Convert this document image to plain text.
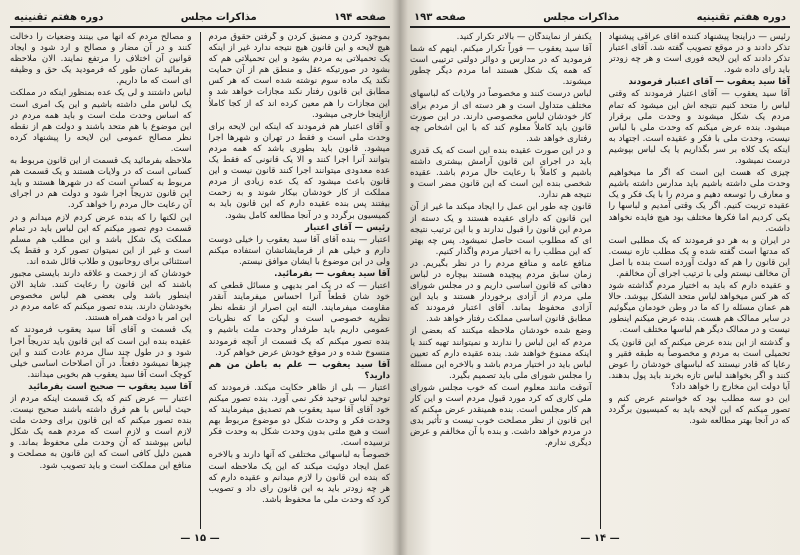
صفحه ۱۹۴
مذاکرات مجلس
دوره هفتم تقنینیه

بموجود کردن و مضیق کردن و گرفتن حقوق مردم هیچ لایحه و این قانون هیچ نتیجه ندارد غیر از اینکه یک تحمیلاتی به مردم بشود و این تحمیلاتی هم که بشود در صورتیکه عقل و منطق هم از آن حمایت نکند یک ماده سوم نوشته شده است که هر کس مطابق این قانون رفتار نکند مجازات خواهد شد و این مجازات را هم معین کرده اند که از کجا کاملاً ازاینجا خارجی میشود.

و آقای اعتبار هم فرمودند که اینکه این لایحه برای وحدت ملی است و فقط در تهران و شهرها اجرا میشود. قانون باید بطوری باشد که همه مردم بتوانند آنرا اجرا کنند و الا یک قانونی که فقط یک عده معدودی میتوانند اجرا کنند قانون نیست و این قانون باعث میشود که یک عده زیادی از مردم مملکت از کار خودشان بیکار شوند و به زحمت بیفتند پس بنده عقیده دارم که این قانون باید به کمیسیون برگردد و در آنجا مطالعه کامل بشود.

رئیس — آقای اعتبار

اعتبار — بنده آقای آقا سید یعقوب را خیلی دوست دارم و خیلی هم از فرمایشاتشان استفاده میکنم ولی در این موضوع با ایشان موافق نیستم.

آقا سید یعقوب — بفرمائید.

اعتبار — که در یک امر بدیهی و مسائل قطعی که خود شان قطعاً آنرا احساس میفرمایند آنقدر مقاومت میفرمایند. البته این اصرار از نقطه نظر نظریه خصوصی است و لیکن ما که نظریات عمومی داریم باید طرفدار وحدت ملت باشیم و بنده تصور میکنم که یک قسمت از آنچه فرمودند منسوخ شده و در موقع خودش عرض خواهم کرد.

آقا سید یعقوب — علم به باطن من هم دارید؟

اعتبار — بلی از ظاهر حکایت میکند. فرمودند که توحید لباس توحید فکر نمی آورد. بنده تصور میکنم خود آقای آقا سید یعقوب هم تصدیق میفرمایند که وحدت فکر و وحدت شکل دو موضوع مربوط بهم است و هیچ ملتی بدون وحدت شکل به وحدت فکر نرسیده است.

خصوصاً به لباسهائی مختلفی که آنها دارند و بالاخره عمل ایجاد دوئیت میکند که این یک ملاحظه است که بنده این قانون را لازم میدانم و عقیده دارم که هر چه زودتر باید به این قانون رای داد و تصویب کرد که وحدت ملی ما محفوظ باشد.

و مصالح مردم که آنها می بینند وضعیات را دخالت کنند و در آن مضار و مصالح و ارد شود و ایجاد قوانین آن اختلاف را مرتفع نمایند. الان ملاحظه بفرمائید عمان طور که فرمودید یک حق و وظیفه ای است که ما داریم.

لباس داشتند و لی یک عده بمنظور اینکه در مملکت یک لباس ملی داشته باشیم و این یک امری است که اساس وحدت ملت است و باید همه مردم در این موضوع با هم متحد باشند و دولت هم از نقطه نظر مصالح عمومی این لایحه را پیشنهاد کرده است.

ملاحظه بفرمائید یک قسمت از این قانون مربوط به کسانی است که در ولایات هستند و یک قسمت هم مربوط به کسانی است که در شهرها هستند و باید این قانون تدریجاً اجرا شود و دولت هم در اجرای آن رعایت حال مردم را خواهد کرد.

این لکنها را که بنده عرض کردم لازم میدانم و در قسمت دوم تصور میکنم که این لباس باید در تمام مملکت یک شکل باشد و این مطلب هم مسلم است و غیر از این نمیتوان تصور کرد و فقط یک استثنائی برای روحانیون و طلاب قائل شده اند.

خودشان که از زحمت و علاقه دارند بایستی مجبور باشند که این قانون را رعایت کنند. شاید الان اینطور باشد ولی بعضی هم لباس مخصوص بخودشان دارند. بنده تصور میکنم که عامه مردم در این امر با دولت همراه هستند.

یک قسمت و آقای آقا سید یعقوب فرمودند که عقیده بنده این است که این قانون باید تدریجاً اجرا شود و در طول چند سال مردم عادت کنند و این چیزها نمیشود دفعتاً. در آن اصلاحات اساسی خیلی کوچک است آقا سید یعقوب هم بخوبی میدانند.

آقا سید یعقوب — صحیح است بفرمائید

اعتبار — عرض کنم که یک قسمت اینکه مردم از حیث لباس با هم فرق داشته باشند صحیح نیست. بنده تصور میکنم که این قانون برای وحدت ملت لازم است و لازم است که مردم همه یک شکل لباس بپوشند که آن وحدت ملی محفوظ بماند. و همین دلیل کافی است که این قانون به مصلحت و منافع این مملکت است و باید تصویب شود.

— ۱۵ —
دوره هفتم تقنینیه
مذاکرات مجلس
صفحه ۱۹۳

رئیس — دراینجا پیشنهاد کننده آقای عراقی پیشنهاد تذکر دادند و در موقع تصویب گفته شد. آقای اعتبار تذکر دادند که این لایحه فوری است و هر چه زودتر باید رای داده شود.

آقا سید یعقوب — آقای اعتبار فرمودند

آقا سید یعقوب — آقای اعتبار فرمودند که وقتی لباس را متحد کنیم نتیجه اش این میشود که تمام مردم یک شکل میشوند و وحدت ملی برقرار میشود. بنده عرض میکنم که وحدت ملی با لباس نیست، وحدت ملی با فکر و عقیده است. اجتهاد به اینکه یک کلاه بر سر بگذاریم یا یک لباس بپوشیم درست نمیشود.

چیزی که هست این است که اگر ما میخواهیم وحدت ملی داشته باشیم باید مدارس داشته باشیم و معارف را توسعه دهیم و مردم را با یک فکر و یک عقیده تربیت کنیم. اگر یک وقتی آمدیم و لباسها را یکی کردیم اما فکرها مختلف بود هیچ فایده نخواهد داشت.

در ایران و به هر دو فرمودند که یک مطلبی است که مدتها است گفته شده و یک مطلب تازه نیست. این قانون را هم که دولت آورده است بنده با اصل آن مخالف نیستم ولی با ترتیب اجرای آن مخالفم.

و عقیده دارم که باید به اختیار مردم گذاشته شود که هر کس میخواهد لباس متحد الشکل بپوشد. حالا هم عمان مسئله را که ما در وطن خودمان میگوئیم در سایر ممالک هم هست. بنده عرض میکنم اینطور نیست و در ممالک دیگر هم لباسها مختلف است.

و گذشته از این بنده عرض میکنم که این قانون یک تحمیلی است به مردم و مخصوصاً به طبقه فقیر و رعایا که قادر نیستند که لباسهای خودشان را عوض کنند و اگر بخواهند لباس تازه بخرند باید پول بدهند. آیا دولت این مخارج را خواهد داد؟

این دو سه مطلب بود که خواستم عرض کنم و تصور میکنم که این لایحه باید به کمیسیون برگردد که در آنجا بهتر مطالعه شود.

یکنفر از نمایندگان — بالاتر تکرار کنید.

آقا سید یعقوب — فوراً تکرار میکنم. اینهم که شما فرمودید که در مدارس و دوائر دولتی ترتیبی است که همه یک شکل هستند اما مردم دیگر چطور میشوند.

لباس درست کنند و مخصوصاً در ولایات که لباسهای مختلف متداول است و هر دسته ای از مردم برای کار خودشان لباس مخصوصی دارند. در این صورت قانون باید کاملاً معلوم کند که با این اشخاص چه رفتاری خواهد شد.

و در این صورت عقیده بنده این است که یک قدری باید در اجرای این قانون آرامش بیشتری داشته باشیم و کاملاً با رعایت حال مردم باشد. عقیده شخصی بنده این است که این قانون مضر است و نتیجه هم ندارد.

قانون چه طور این عمل را ایجاد میکند ما غیر از آن این قانون که دارای عقیده هستند و یک دسته از مردم این قانون را قبول ندارند و با این ترتیب نتیجه ای که مطلوب است حاصل نمیشود. پس چه بهتر که این مطلب را به اختیار مردم واگذار کنیم.

منافع عامه و منافع مردم را در نظر بگیریم. در زمان سابق مردم پیچیده هستند بیچاره در لباس دهاتی که قانون اساسی داریم و در مجلس شورای ملی مردم از آزادی برخوردار هستند و باید این آزادی محفوظ بماند. آقای اعتبار فرمودند که مطابق قانون اساسی مملکت رفتار خواهد شد.

وضع شده خودشان ملاحظه میکنند که بعضی از مردم که این لباس را ندارند و نمیتوانند تهیه کنند یا اینکه ممنوع خواهند شد. بنده عقیده دارم که تعیین لباس باید در اختیار مردم باشد و بالاخره این مسئله را مجلس شورای ملی باید تصمیم بگیرد.

آنوقت مانند معلوم است که خوب مجلس شورای ملی کاری که کرد مورد قبول مردم است و این کار هم کار مجلس است. بنده همینقدر عرض میکنم که این قانون از نظر مصلحت خوب نیست و تأثیر بدی در مردم خواهد داشت. و بنده با آن مخالفم و عرض دیگری ندارم.

— ۱۴ —
